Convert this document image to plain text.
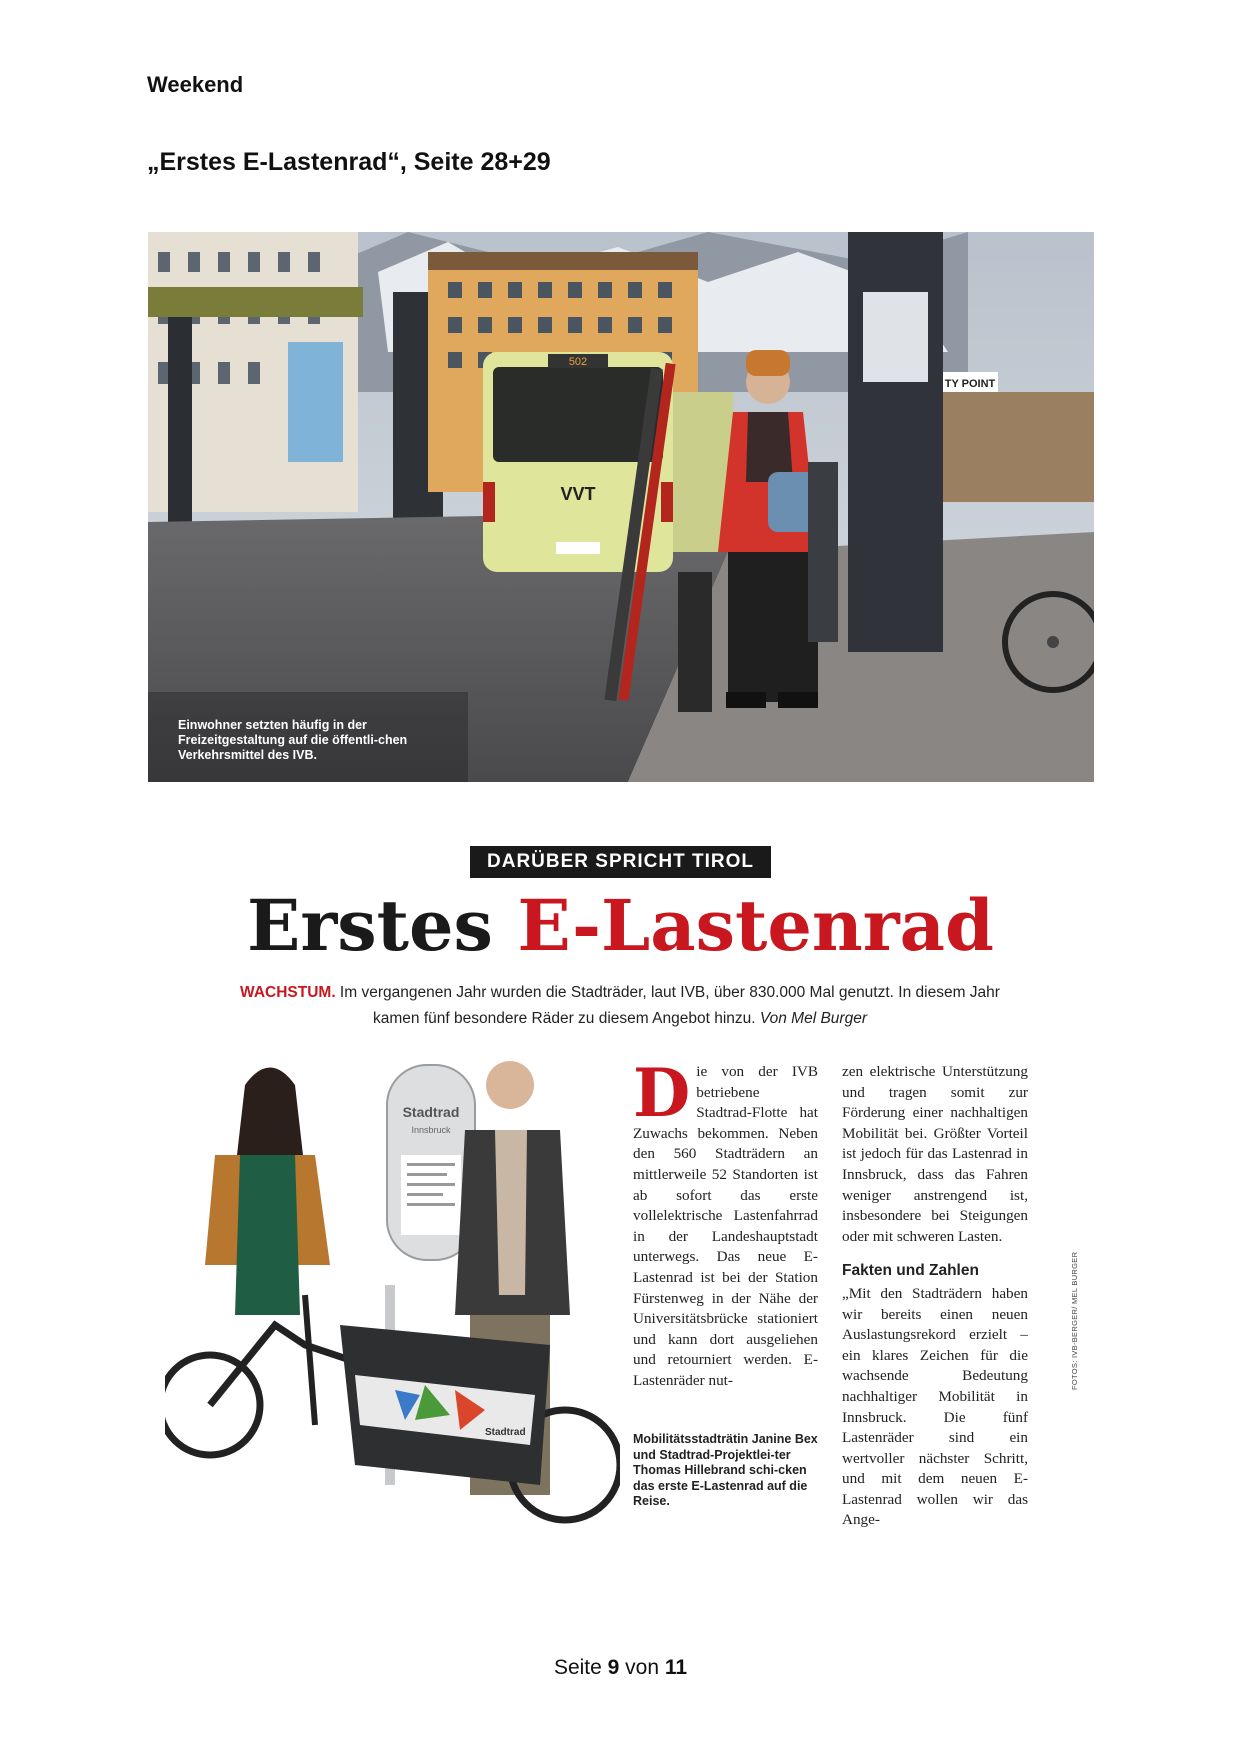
Weekend
„Erstes E-Lastenrad“, Seite 28+29
502
VVT
TY POINT
Einwohner setzten häufig in der Freizeitgestaltung auf die öffentli-chen Verkehrsmittel des IVB.
DARÜBER SPRICHT TIROL
Erstes E-Lastenrad
WACHSTUM. Im vergangenen Jahr wurden die Stadträder, laut IVB, über 830.000 Mal genutzt. In diesem Jahr kamen fünf besondere Räder zu diesem Angebot hinzu. Von Mel Burger
Stadtrad
Innsbruck
Stadtrad	Mobilitätsstadträtin Janine Bex und Stadtrad-Projektlei-ter Thomas Hillebrand schi-cken das erste E-Lastenrad auf die Reise.
Die von der IVB betriebene Stadtrad-Flotte hat Zuwachs bekommen. Neben den 560 Stadträdern an mittlerweile 52 Standorten ist ab sofort das erste vollelektrische Lastenfahrrad in der Landeshauptstadt unterwegs. Das neue E-Lastenrad ist bei der Station Fürstenweg in der Nähe der Universitätsbrücke stationiert und kann dort ausgeliehen und retourniert werden. E-Lastenräder nut-
zen elektrische Unterstützung und tragen somit zur Förderung einer nachhaltigen Mobilität bei. Größter Vorteil ist jedoch für das Lastenrad in Innsbruck, dass das Fahren weniger anstrengend ist, insbesondere bei Steigungen oder mit schweren Lasten.
Fakten und Zahlen
„Mit den Stadträdern haben wir bereits einen neuen Auslastungsrekord erzielt – ein klares Zeichen für die wachsende Bedeutung nachhaltiger Mobilität in Innsbruck. Die fünf Lastenräder sind ein wertvoller nächster Schritt, und mit dem neuen E-Lastenrad wollen wir das Ange-
FOTOS: IVB-BERGER/ MEL BURGER
Seite 9 von 11
